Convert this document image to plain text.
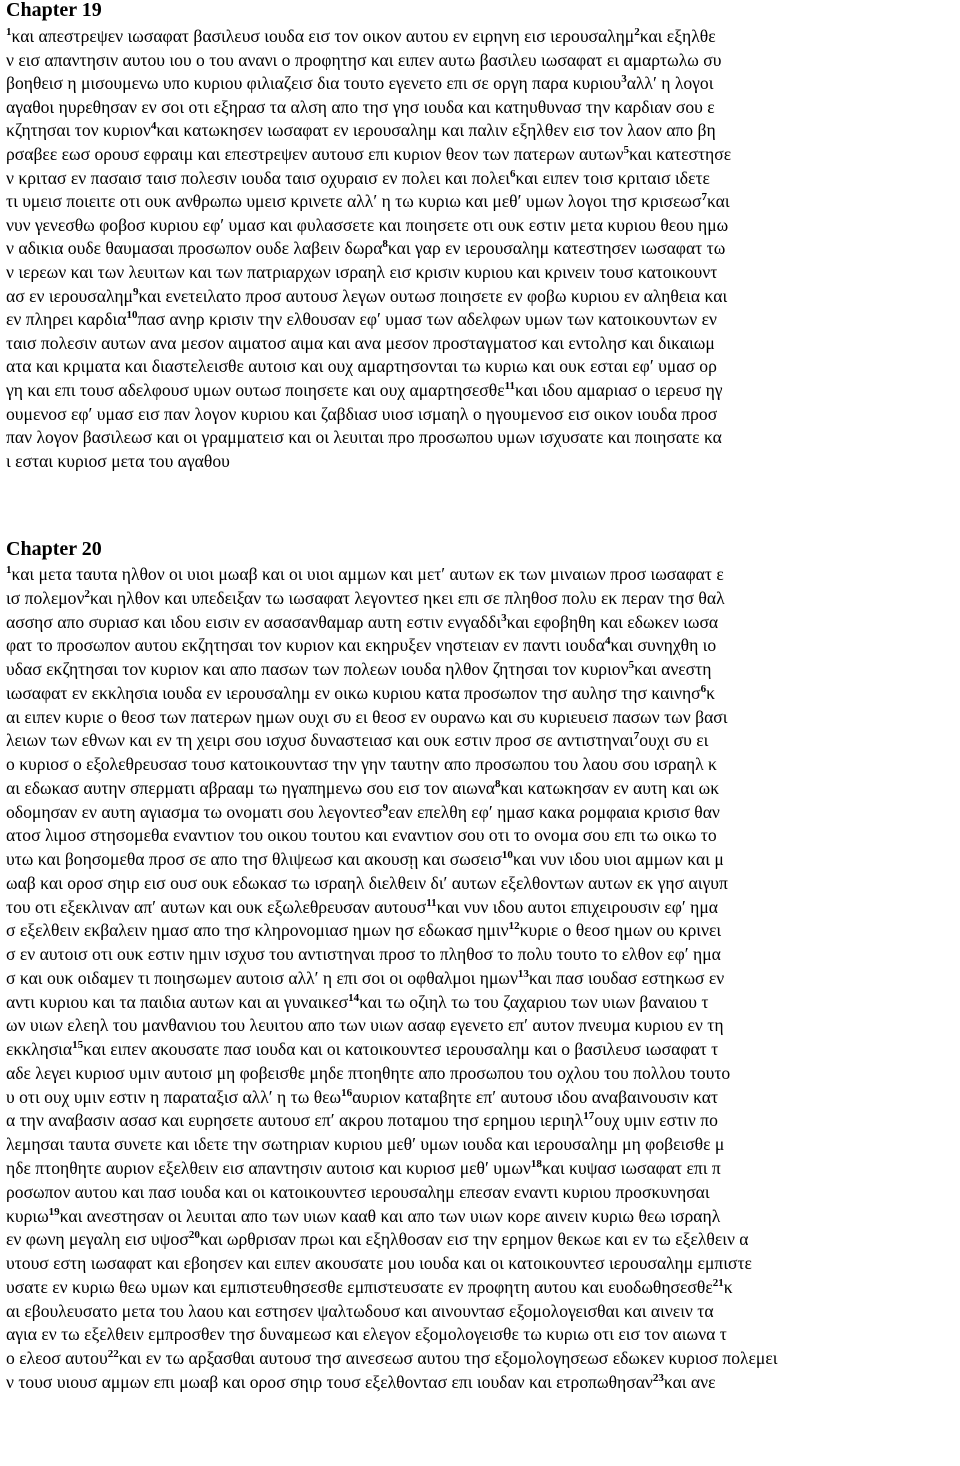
Chapter 19
$^1$και απεστρεψεν ιωσαφατ βασιλευσ ιουδα εισ τον οικον αυτου εν ειρηνη εισ ιερουσαλημ$^2$και εξηλθε
ν εισ απαντησιν αυτου ιου ο του ανανι ο προφητησ και ειπεν αυτω βασιλευ ιωσαφατ ει αμαρτωλω συ
βοηθεισ η μισουμενω υπο κυριου φιλιαζεισ δια τουτο εγενετο επι σε οργη παρα κυριου$^3$αλλ′ η λογοι
αγαθοι ηυρεθησαν εν σοι οτι εξηρασ τα αλση απο τησ γησ ιουδα και κατηυθυνασ την καρδιαν σου ε
κζητησαι τον κυριον$^4$και κατωκησεν ιωσαφατ εν ιερουσαλημ και παλιν εξηλθεν εισ τον λαον απο βη
ρσαβεε εωσ ορουσ εφραιμ και επεστρεψεν αυτουσ επι κυριον θεον των πατερων αυτων$^5$και κατεστησε
ν κριτασ εν πασαισ ταισ πολεσιν ιουδα ταισ οχυραισ εν πολει και πολει$^6$και ειπεν τοισ κριταισ ιδετε
τι υμεισ ποιειτε οτι ουκ ανθρωπω υμεισ κρινετε αλλ′ η τω κυριω και μεθ′ υμων λογοι τησ κρισεωσ$^7$και
νυν γενεσθω φοβοσ κυριου εφ′ υμασ και φυλασσετε και ποιησετε οτι ουκ εστιν μετα κυριου θεου ημω
ν αδικια ουδε θαυμασαι προσωπον ουδε λαβειν δωρα$^8$και γαρ εν ιερουσαλημ κατεστησεν ιωσαφατ τω
ν ιερεων και των λευιτων και των πατριαρχων ισραηλ εισ κρισιν κυριου και κρινειν τουσ κατοικουντ
ασ εν ιερουσαλημ$^9$και ενετειλατο προσ αυτουσ λεγων ουτωσ ποιησετε εν φοβω κυριου εν αληθεια και
εν πληρει καρδια$^{10}$πασ ανηρ κρισιν την ελθουσαν εφ′ υμασ των αδελφων υμων των κατοικουντων εν
ταισ πολεσιν αυτων ανα μεσον αιματοσ αιμα και ανα μεσον προσταγματοσ και εντολησ και δικαιωμ
ατα και κριματα και διαστελεισθε αυτοισ και ουχ αμαρτησονται τω κυριω και ουκ εσται εφ′ υμασ ορ
γη και επι τουσ αδελφουσ υμων ουτωσ ποιησετε και ουχ αμαρτησεσθε$^{11}$και ιδου αμαριασ ο ιερευσ ηγ
ουμενοσ εφ′ υμασ εισ παν λογον κυριου και ζαβδιασ υιοσ ισμαηλ ο ηγουμενοσ εισ οικον ιουδα προσ
παν λογον βασιλεωσ και οι γραμματεισ και οι λευιται προ προσωπου υμων ισχυσατε και ποιησατε κα
ι εσται κυριοσ μετα του αγαθου
Chapter 20
$^1$και μετα ταυτα ηλθον οι υιοι μωαβ και οι υιοι αμμων και μετ′ αυτων εκ των μιναιων προσ ιωσαφατ ε
ισ πολεμον$^2$και ηλθον και υπεδειξαν τω ιωσαφατ λεγοντεσ ηκει επι σε πληθοσ πολυ εκ περαν τησ θαλ
ασσησ απο συριασ και ιδου εισιν εν ασασανθαμαρ αυτη εστιν ενγαδδι$^3$και εφοβηθη και εδωκεν ιωσα
φατ το προσωπον αυτου εκζητησαι τον κυριον και εκηρυξεν νηστειαν εν παντι ιουδα$^4$και συνηχθη ιο
υδασ εκζητησαι τον κυριον και απο πασων των πολεων ιουδα ηλθον ζητησαι τον κυριον$^5$και ανεστη
ιωσαφατ εν εκκλησια ιουδα εν ιερουσαλημ εν οικω κυριου κατα προσωπον τησ αυλησ τησ καινησ$^6$κ
αι ειπεν κυριε ο θεοσ των πατερων ημων ουχι συ ει θεοσ εν ουρανω και συ κυριευεισ πασων των βασι
λειων των εθνων και εν τη χειρι σου ισχυσ δυναστειασ και ουκ εστιν προσ σε αντιστηναι$^7$ουχι συ ει
ο κυριοσ ο εξολεθρευσασ τουσ κατοικουντασ την γην ταυτην απο προσωπου του λαου σου ισραηλ κ
αι εδωκασ αυτην σπερματι αβρααμ τω ηγαπημενω σου εισ τον αιωνα$^8$και κατωκησαν εν αυτη και ωκ
οδομησαν εν αυτη αγιασμα τω ονοματι σου λεγοντεσ$^9$εαν επελθη εφ′ ημασ κακα ρομφαια κρισισ θαν
ατοσ λιμοσ στησομεθα εναντιον του οικου τουτου και εναντιον σου οτι το ονομα σου επι τω οικω το
υτω και βοησομεθα προσ σε απο τησ θλιψεωσ και ακουσῃ και σωσεισ$^{10}$και νυν ιδου υιοι αμμων και μ
ωαβ και οροσ σηιρ εισ ουσ ουκ εδωκασ τω ισραηλ διελθειν δι′ αυτων εξελθοντων αυτων εκ γησ αιγυπ
του οτι εξεκλιναν απ′ αυτων και ουκ εξωλεθρευσαν αυτουσ$^{11}$και νυν ιδου αυτοι επιχειρουσιν εφ′ ημα
σ εξελθειν εκβαλειν ημασ απο τησ κληρονομιασ ημων ησ εδωκασ ημιν$^{12}$κυριε ο θεοσ ημων ου κρινει
σ εν αυτοισ οτι ουκ εστιν ημιν ισχυσ του αντιστηναι προσ το πληθοσ το πολυ τουτο το ελθον εφ′ ημα
σ και ουκ οιδαμεν τι ποιησωμεν αυτοισ αλλ′ η επι σοι οι οφθαλμοι ημων$^{13}$και πασ ιουδασ εστηκωσ εν
αντι κυριου και τα παιδια αυτων και αι γυναικεσ$^{14}$και τω οζιηλ τω του ζαχαριου των υιων βαναιου τ
ων υιων ελεηλ του μανθανιου του λευιτου απο των υιων ασαφ εγενετο επ′ αυτον πνευμα κυριου εν τη
εκκλησια$^{15}$και ειπεν ακουσατε πασ ιουδα και οι κατοικουντεσ ιερουσαλημ και ο βασιλευσ ιωσαφατ τ
αδε λεγει κυριοσ υμιν αυτοισ μη φοβεισθε μηδε πτοηθητε απο προσωπου του οχλου του πολλου τουτο
υ οτι ουχ υμιν εστιν η παραταξισ αλλ′ η τω θεω$^{16}$αυριον καταβητε επ′ αυτουσ ιδου αναβαινουσιν κατ
α την αναβασιν ασασ και ευρησετε αυτουσ επ′ ακρου ποταμου τησ ερημου ιεριηλ$^{17}$ουχ υμιν εστιν πο
λεμησαι ταυτα συνετε και ιδετε την σωτηριαν κυριου μεθ′ υμων ιουδα και ιερουσαλημ μη φοβεισθε μ
ηδε πτοηθητε αυριον εξελθειν εισ απαντησιν αυτοισ και κυριοσ μεθ′ υμων$^{18}$και κυψασ ιωσαφατ επι π
ροσωπον αυτου και πασ ιουδα και οι κατοικουντεσ ιερουσαλημ επεσαν εναντι κυριου προσκυνησαι
κυριω$^{19}$και ανεστησαν οι λευιται απο των υιων κααθ και απο των υιων κορε αινειν κυριω θεω ισραηλ
εν φωνη μεγαλη εισ υψοσ$^{20}$και ωρθρισαν πρωι και εξηλθοσαν εισ την ερημον θεκωε και εν τω εξελθειν α
υτουσ εστη ιωσαφατ και εβοησεν και ειπεν ακουσατε μου ιουδα και οι κατοικουντεσ ιερουσαλημ εμπιστε
υσατε εν κυριω θεω υμων και εμπιστευθησεσθε εμπιστευσατε εν προφητη αυτου και ευοδωθησεσθε$^{21}$κ
αι εβουλευσατο μετα του λαου και εστησεν ψαλτωδουσ και αινουντασ εξομολογεισθαι και αινειν τα
αγια εν τω εξελθειν εμπροσθεν τησ δυναμεωσ και ελεγον εξομολογεισθε τω κυριω οτι εισ τον αιωνα τ
ο ελεοσ αυτου$^{22}$και εν τω αρξασθαι αυτουσ τησ αινεσεωσ αυτου τησ εξομολογησεωσ εδωκεν κυριοσ πολεμει
ν τουσ υιουσ αμμων επι μωαβ και οροσ σηιρ τουσ εξελθοντασ επι ιουδαν και ετροπωθησαν$^{23}$και ανε
